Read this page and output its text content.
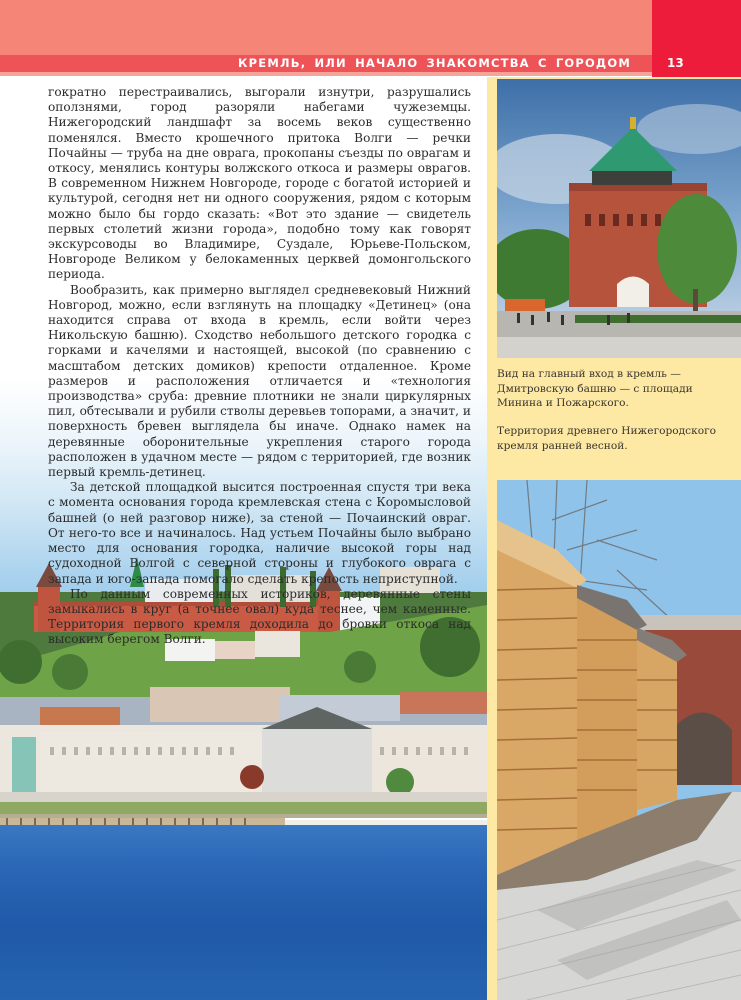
КРЕМЛЬ, ИЛИ НАЧАЛО ЗНАКОМСТВА С ГОРОДОМ	13

гократно перестраивались, выгорали изнутри, разрушались оползнями, город разоряли набегами чужеземцы. Нижегородский ландшафт за восемь веков существенно поменялся. Вместо крошечного притока Волги — речки Почайны — труба на дне оврага, прокопаны съезды по оврагам и откосу, менялись контуры волжского откоса и размеры оврагов. В современном Нижнем Новгороде, городе с богатой историей и культурой, сегодня нет ни одного сооружения, рядом с которым можно было бы гордо сказать: «Вот это здание — свидетель первых столетий жизни города», подобно тому как говорят экскурсоводы во Владимире, Суздале, Юрьеве-Польском, Новгороде Великом у белокаменных церквей домонгольского периода.

Вообразить, как примерно выглядел средневековый Нижний Новгород, можно, если взглянуть на площадку «Детинец» (она находится справа от входа в кремль, если войти через Никольскую башню). Сходство небольшого детского городка с горками и качелями и настоящей, высокой (по сравнению с масштабом детских домиков) крепости отдаленное. Кроме размеров и расположения отличается и «технология производства» сруба: древние плотники не знали циркулярных пил, обтесывали и рубили стволы деревьев топорами, а значит, и поверхность бревен выглядела бы иначе. Однако намек на деревянные оборонительные укрепления старого города расположен в удачном месте — рядом с территорией, где возник первый кремль-детинец.

За детской площадкой высится построенная спустя три века с момента основания города кремлевская стена с Коромысловой башней (о ней разговор ниже), за стеной — Почаинский овраг. От него-то все и начиналось. Над устьем Почайны было выбрано место для основания городка, наличие высокой горы над судоходной Волгой с северной стороны и глубокого оврага с запада и юго-запада помогало сделать крепость неприступной.

По данным современных историков, деревянные стены замыкались в круг (а точнее овал) куда теснее, чем каменные. Территория первого кремля доходила до бровки откоса над высоким берегом Волги.

Вид на главный вход в кремль — Дмитровскую башню — с площади Минина и Пожарского.

Территория древнего Нижегородского кремля ранней весной.
